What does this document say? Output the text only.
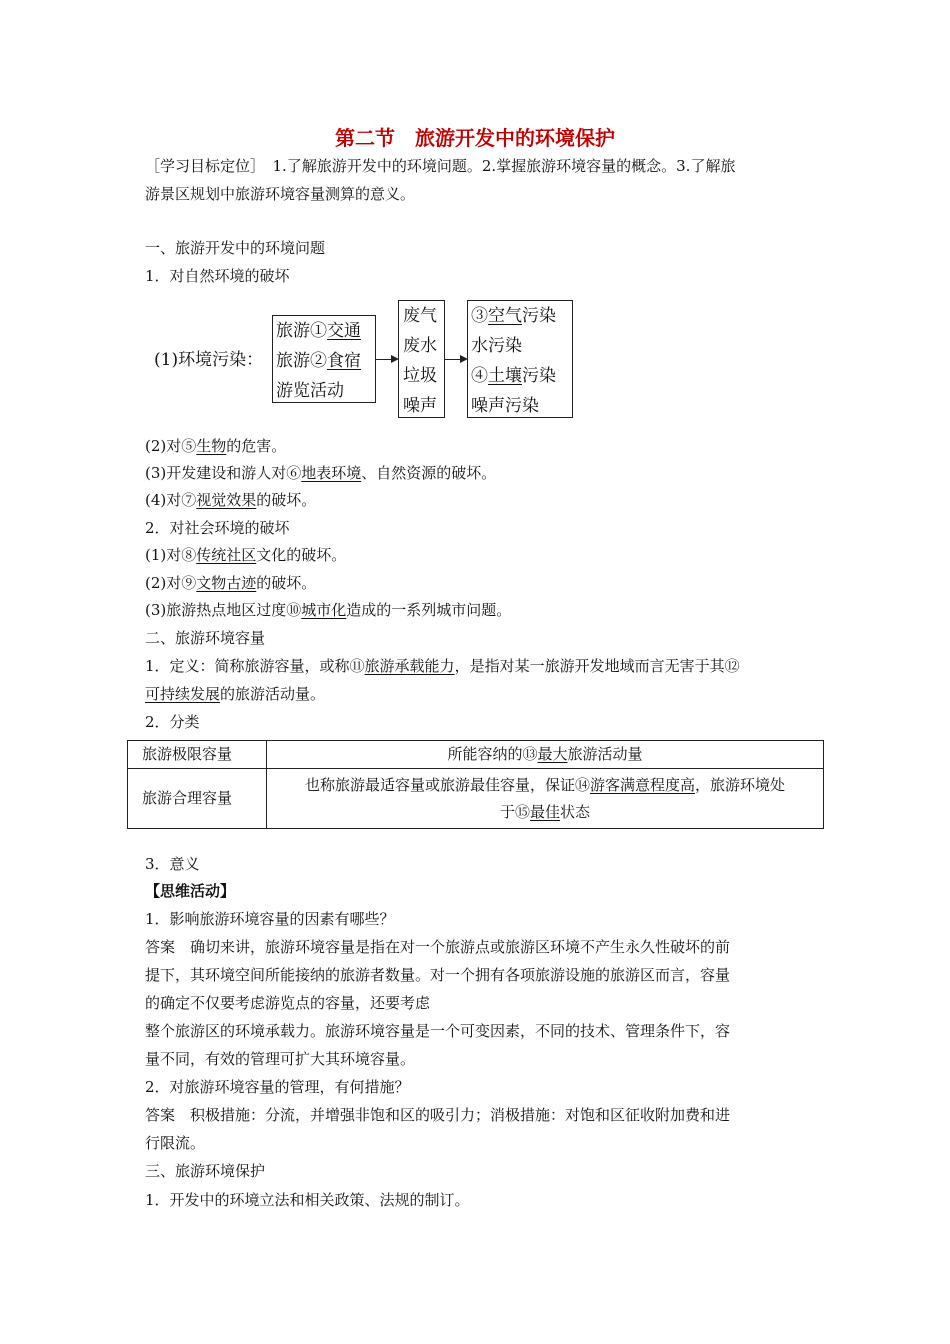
第二节　旅游开发中的环境保护

［学习目标定位］　1.了解旅游开发中的环境问题。2.掌握旅游环境容量的概念。3.了解旅

游景区规划中旅游环境容量测算的意义。

一、旅游开发中的环境问题

1．对自然环境的破坏

(1)环境污染：
旅游①交通
旅游②食宿
游览活动
废气
废水
垃圾
噪声
③空气污染
水污染
④土壤污染
噪声污染

(2)对⑤生物的危害。

(3)开发建设和游人对⑥地表环境、自然资源的破坏。

(4)对⑦视觉效果的破坏。

2．对社会环境的破坏

(1)对⑧传统社区文化的破坏。

(2)对⑨文物古迹的破坏。

(3)旅游热点地区过度⑩城市化造成的一系列城市问题。

二、旅游环境容量

1．定义：简称旅游容量，或称⑪旅游承载能力，是指对某一旅游开发地域而言无害于其⑫

可持续发展的旅游活动量。

2．分类

旅游极限容量	所能容纳的⑬最大旅游活动量
旅游合理容量	也称旅游最适容量或旅游最佳容量，保证⑭游客满意程度高，旅游环境处
于⑮最佳状态

3．意义

【思维活动】

1．影响旅游环境容量的因素有哪些？

答案　确切来讲，旅游环境容量是指在对一个旅游点或旅游区环境不产生永久性破坏的前

提下，其环境空间所能接纳的旅游者数量。对一个拥有各项旅游设施的旅游区而言，容量

的确定不仅要考虑游览点的容量，还要考虑

整个旅游区的环境承载力。旅游环境容量是一个可变因素，不同的技术、管理条件下，容

量不同，有效的管理可扩大其环境容量。

2．对旅游环境容量的管理，有何措施？

答案　积极措施：分流，并增强非饱和区的吸引力；消极措施：对饱和区征收附加费和进

行限流。

三、旅游环境保护

1．开发中的环境立法和相关政策、法规的制订。
